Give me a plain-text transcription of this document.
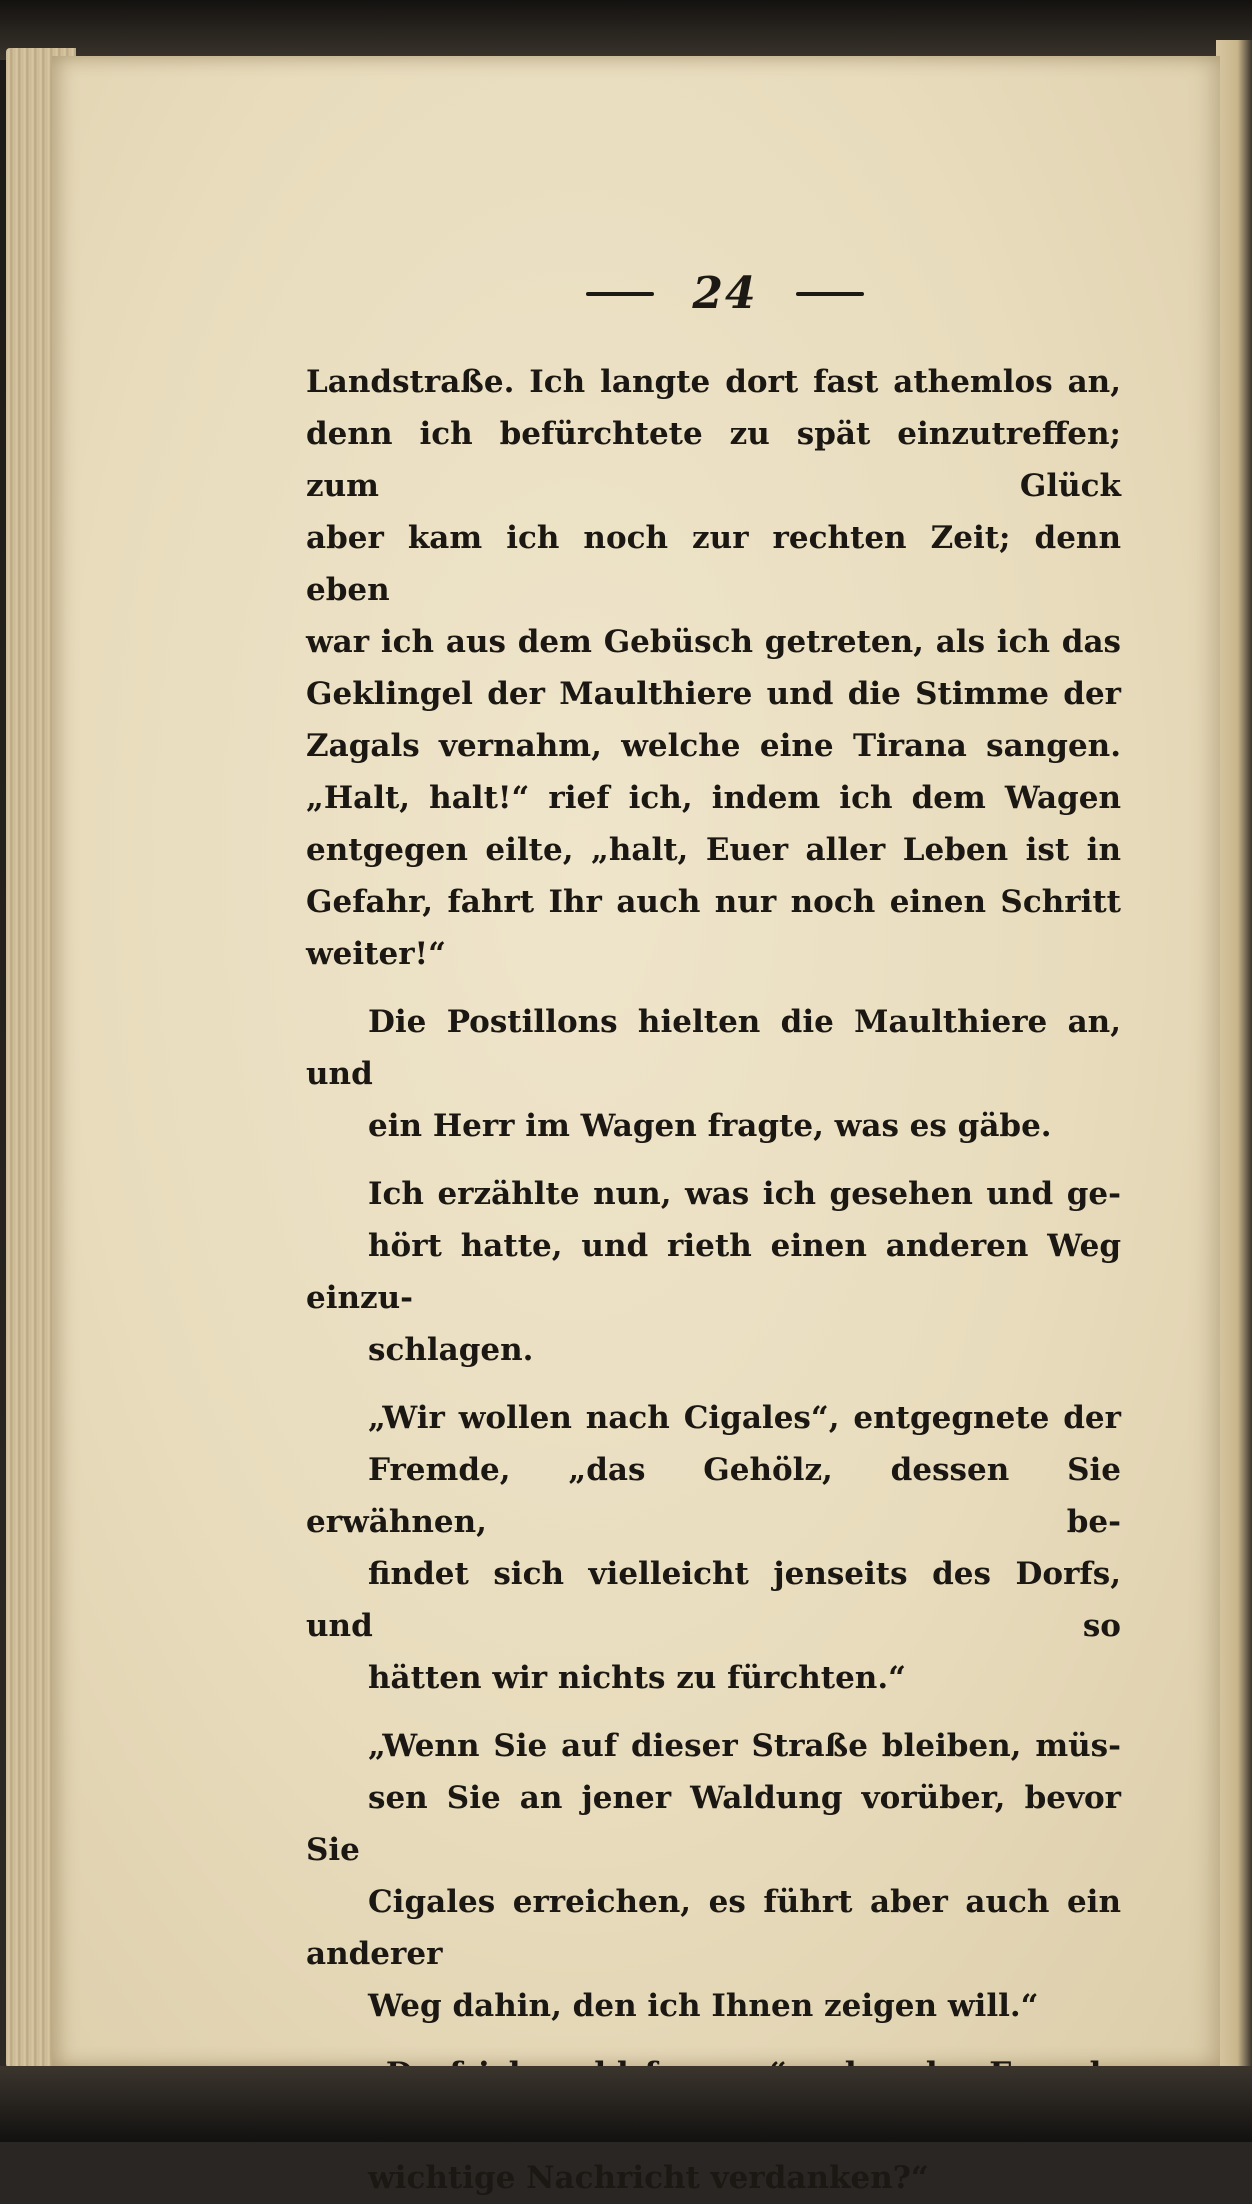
24
Landstraße. Ich langte dort fast athemlos an,
denn ich befürchtete zu spät einzutreffen; zum Glück
aber kam ich noch zur rechten Zeit; denn eben
war ich aus dem Gebüsch getreten, als ich das
Geklingel der Maulthiere und die Stimme der
Zagals vernahm, welche eine Tirana sangen.
„Halt, halt!“ rief ich, indem ich dem Wagen
entgegen eilte, „halt, Euer aller Leben ist in
Gefahr, fahrt Ihr auch nur noch einen Schritt
weiter!“
Die Postillons hielten die Maulthiere an, und
ein Herr im Wagen fragte, was es gäbe.
Ich erzählte nun, was ich gesehen und ge-
hört hatte, und rieth einen anderen Weg einzu-
schlagen.
„Wir wollen nach Cigales“, entgegnete der
Fremde, „das Gehölz, dessen Sie erwähnen, be-
findet sich vielleicht jenseits des Dorfs, und so
hätten wir nichts zu fürchten.“
„Wenn Sie auf dieser Straße bleiben, müs-
sen Sie an jener Waldung vorüber, bevor Sie
Cigales erreichen, es führt aber auch ein anderer
Weg dahin, den ich Ihnen zeigen will.“
wichtige Nachricht verdanken?“
